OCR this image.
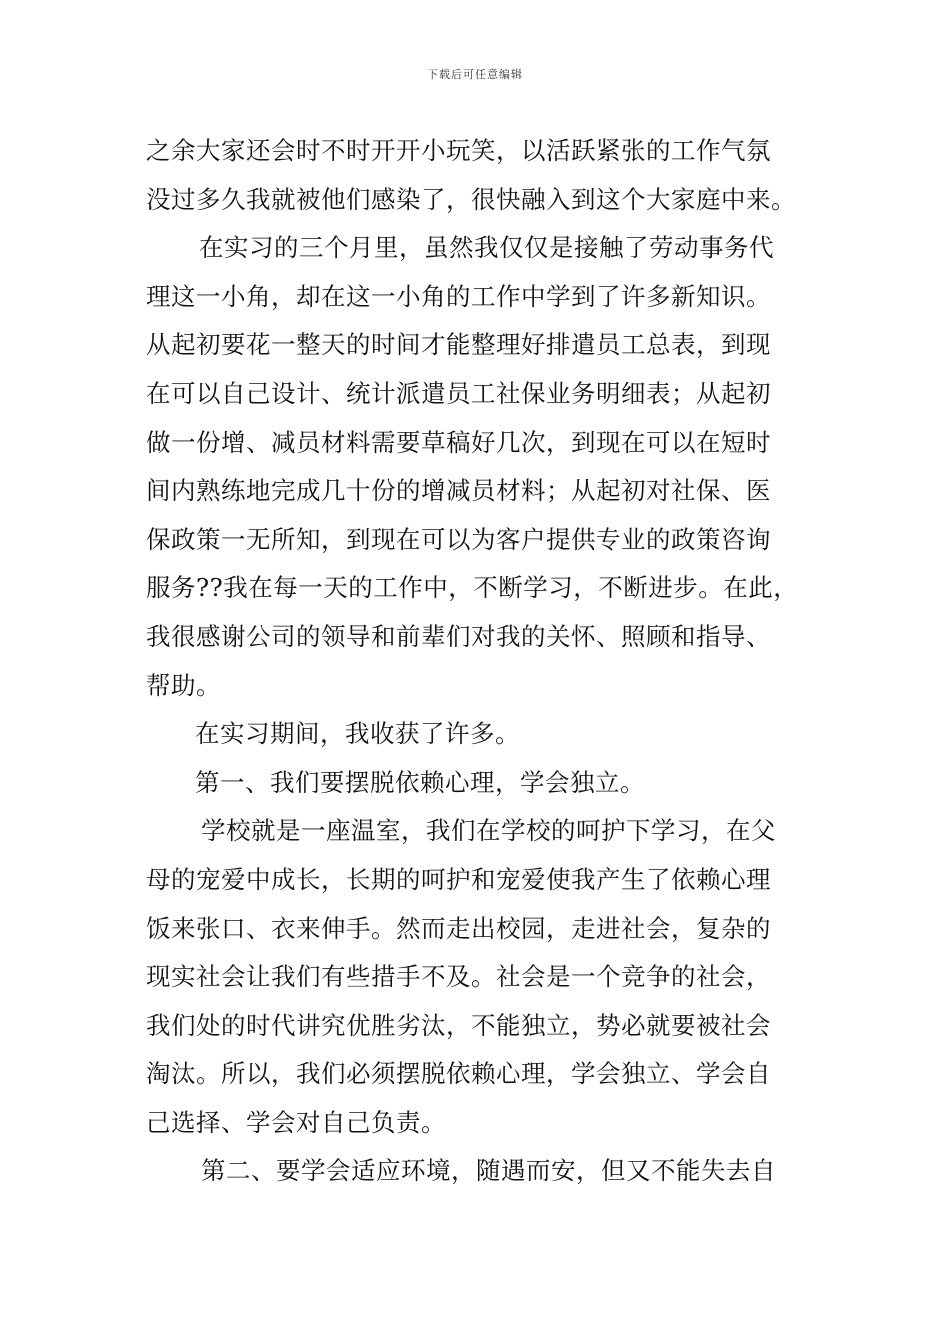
下载后可任意编辑
之余大家还会时不时开开小玩笑，以活跃紧张的工作气氛
没过多久我就被他们感染了，很快融入到这个大家庭中来。
在实习的三个月里，虽然我仅仅是接触了劳动事务代
理这一小角，却在这一小角的工作中学到了许多新知识。
从起初要花一整天的时间才能整理好排遣员工总表，到现
在可以自己设计、统计派遣员工社保业务明细表；从起初
做一份增、减员材料需要草稿好几次，到现在可以在短时
间内熟练地完成几十份的增减员材料；从起初对社保、医
保政策一无所知，到现在可以为客户提供专业的政策咨询
服务??我在每一天的工作中，不断学习，不断进步。在此，
我很感谢公司的领导和前辈们对我的关怀、照顾和指导、
帮助。
在实习期间，我收获了许多。
第一、我们要摆脱依赖心理，学会独立。
学校就是一座温室，我们在学校的呵护下学习，在父
母的宠爱中成长，长期的呵护和宠爱使我产生了依赖心理
饭来张口、衣来伸手。然而走出校园，走进社会，复杂的
现实社会让我们有些措手不及。社会是一个竞争的社会，
我们处的时代讲究优胜劣汰，不能独立，势必就要被社会
淘汰。所以，我们必须摆脱依赖心理，学会独立、学会自
己选择、学会对自己负责。
第二、要学会适应环境，随遇而安，但又不能失去自
